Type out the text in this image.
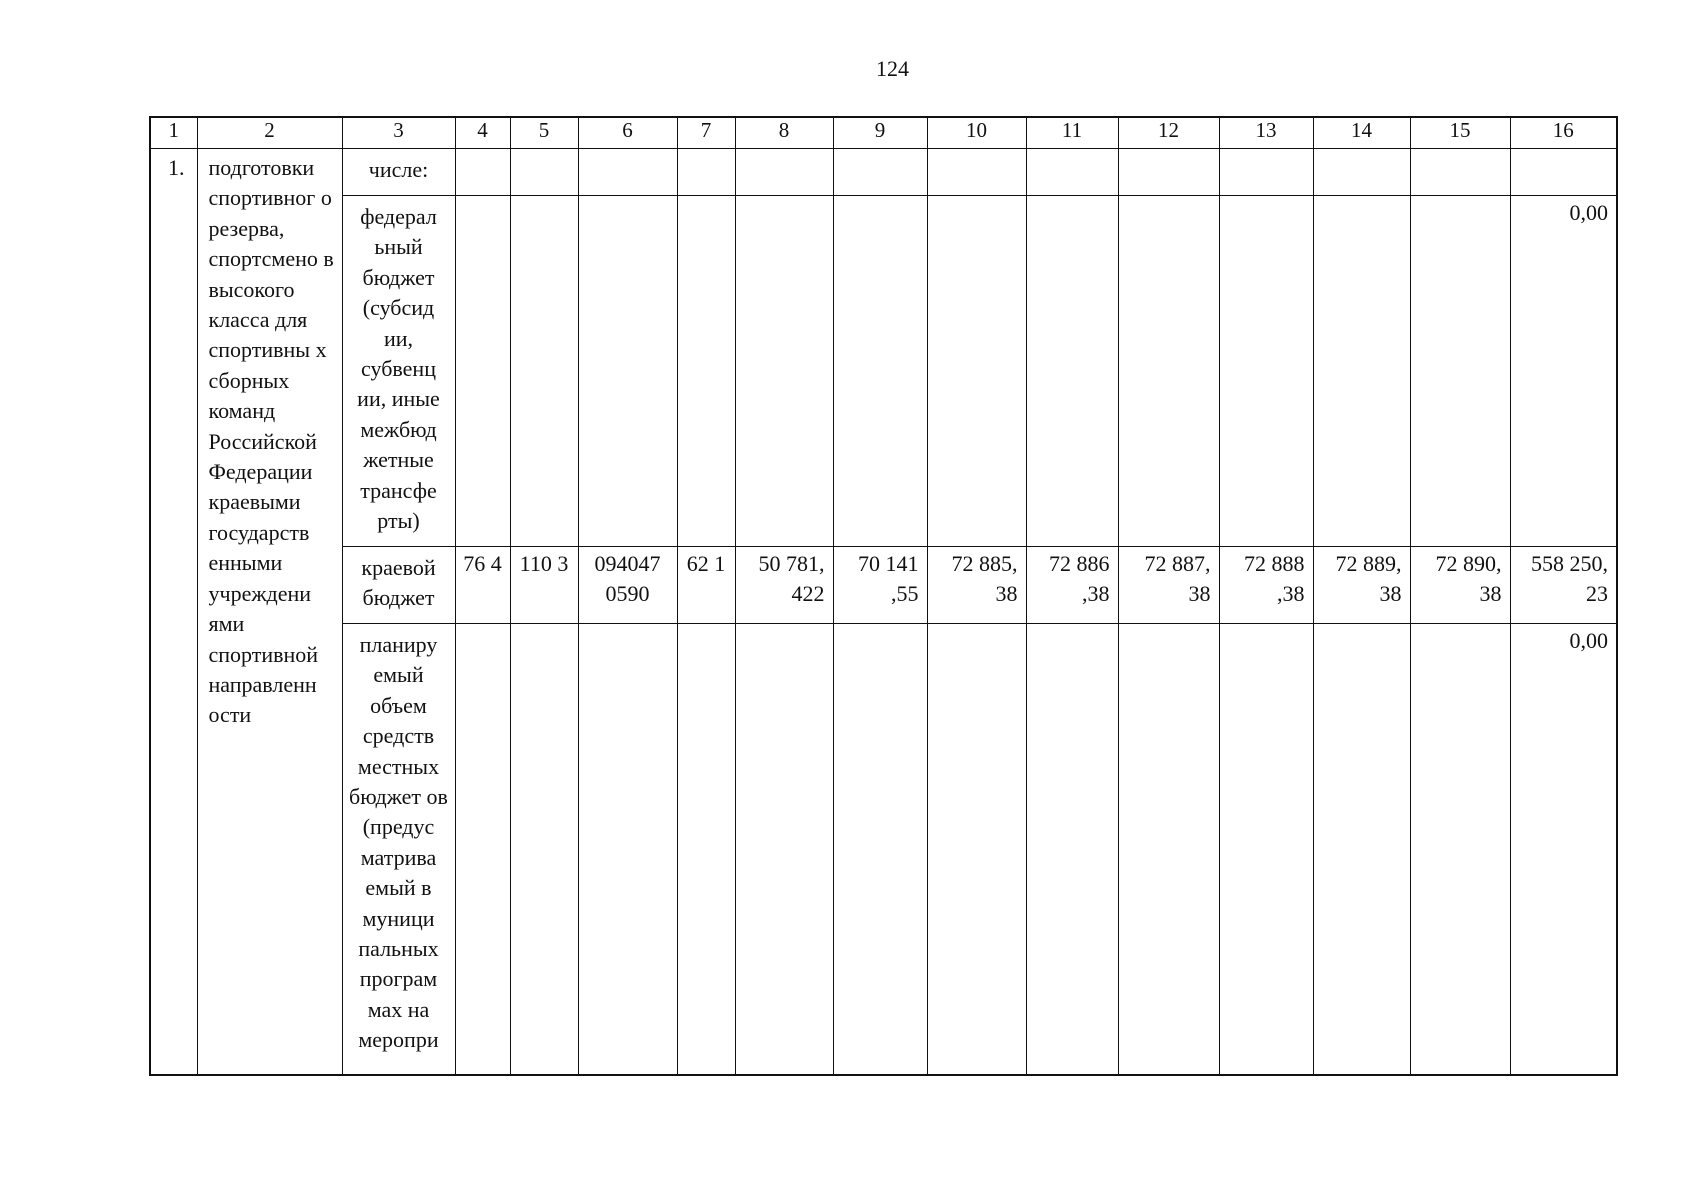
124
1	2	3	4	5	6	7	8	9	10	11	12	13	14	15	16

1.	подготовки спортивног о резерва, спортсмено в высокого класса для спортивны х сборных команд Российской Федерации краевыми государств енными учреждени ями спортивной направленн ости	числе:													

		федерал ьный бюджет (субсид ии, субвенц ии, иные межбюд жетные трансфе рты)													0,00

		краевой бюджет	76 4	110 3	094047 0590	62 1	50 781, 422	70 141 ,55	72 885, 38	72 886 ,38	72 887, 38	72 888 ,38	72 889, 38	72 890, 38	558 250, 23

		планиру емый объем средств местных бюджет ов (предус матрива емый в муници пальных програм мах на меропри													0,00
